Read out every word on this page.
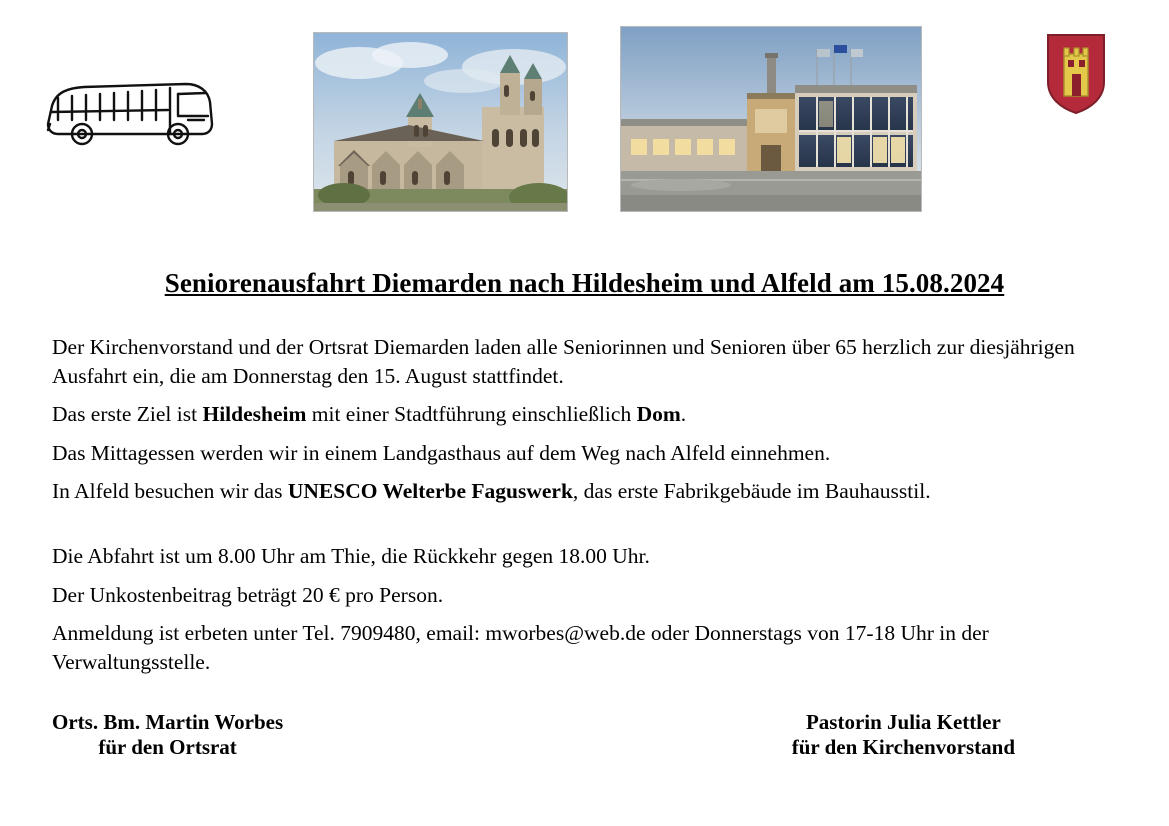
Seniorenausfahrt Diemarden nach Hildesheim und Alfeld am 15.08.2024

Der Kirchenvorstand und der Ortsrat Diemarden laden alle Seniorinnen und Senioren über 65 herzlich zur diesjährigen Ausfahrt ein, die am Donnerstag den 15. August stattfindet.

Das erste Ziel ist Hildesheim mit einer Stadtführung einschließlich Dom.

Das Mittagessen werden wir in einem Landgasthaus auf dem Weg nach Alfeld einnehmen.

In Alfeld besuchen wir das UNESCO Welterbe Faguswerk, das erste Fabrikgebäude im Bauhausstil.

Die Abfahrt ist um 8.00 Uhr am Thie, die Rückkehr gegen 18.00 Uhr.

Der Unkostenbeitrag beträgt 20 € pro Person.

Anmeldung ist erbeten unter Tel. 7909480, email: mworbes@web.de oder Donnerstags von 17-18 Uhr in der Verwaltungsstelle.

Orts. Bm. Martin Worbes
für den Ortsrat
Pastorin Julia Kettler
für den Kirchenvorstand
